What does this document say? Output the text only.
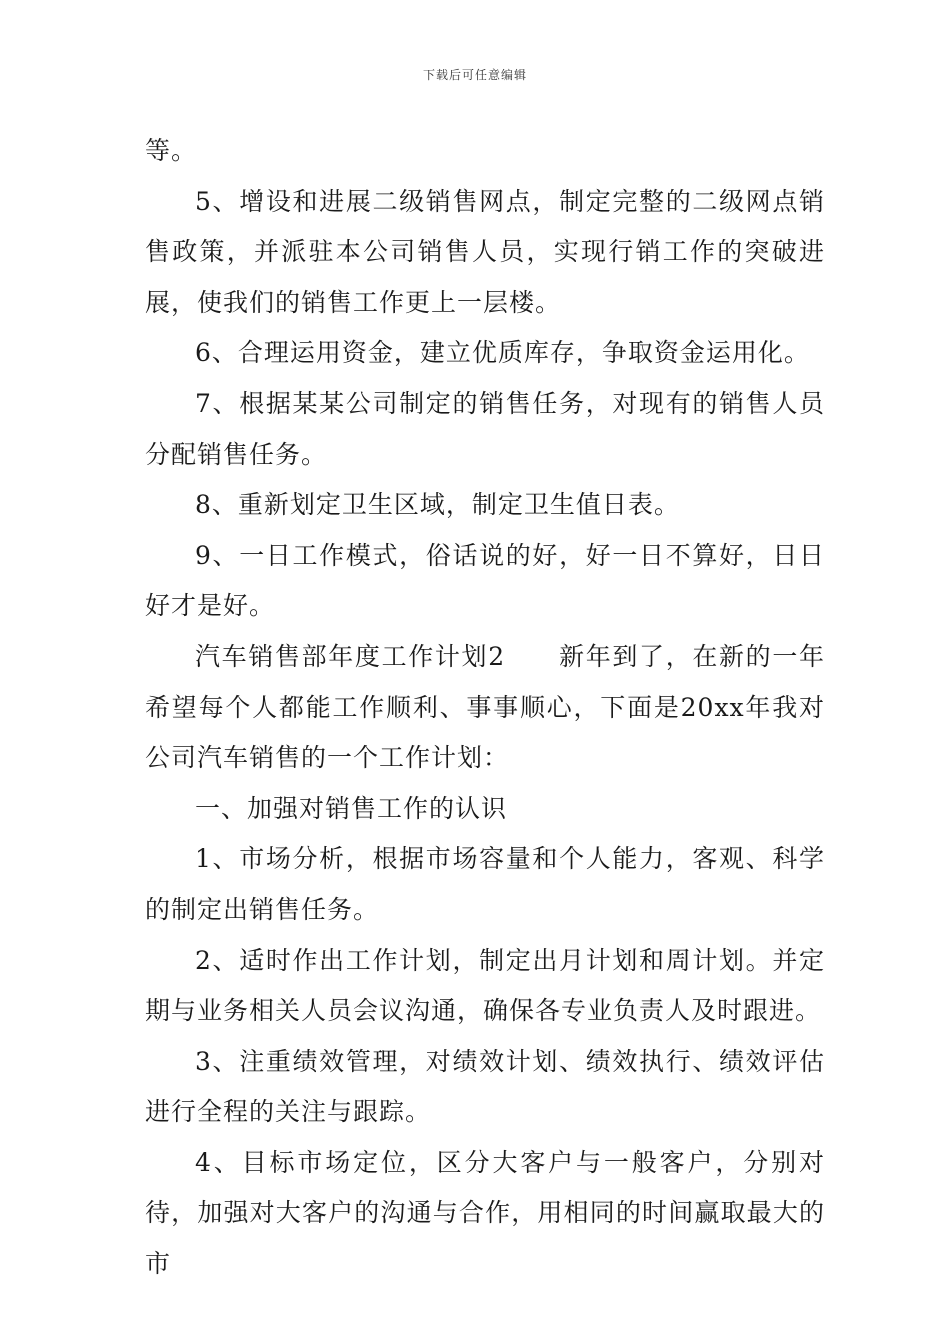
下载后可任意编辑

等。

5、增设和进展二级销售网点，制定完整的二级网点销售政策，并派驻本公司销售人员，实现行销工作的突破进展，使我们的销售工作更上一层楼。

6、合理运用资金，建立优质库存，争取资金运用化。

7、根据某某公司制定的销售任务，对现有的销售人员分配销售任务。

8、重新划定卫生区域，制定卫生值日表。

9、一日工作模式，俗话说的好，好一日不算好，日日好才是好。

汽车销售部年度工作计划2　　新年到了，在新的一年希望每个人都能工作顺利、事事顺心，下面是20xx年我对公司汽车销售的一个工作计划：

一、加强对销售工作的认识

1、市场分析，根据市场容量和个人能力，客观、科学的制定出销售任务。

2、适时作出工作计划，制定出月计划和周计划。并定期与业务相关人员会议沟通，确保各专业负责人及时跟进。

3、注重绩效管理，对绩效计划、绩效执行、绩效评估进行全程的关注与跟踪。

4、目标市场定位，区分大客户与一般客户，分别对待，加强对大客户的沟通与合作，用相同的时间赢取最大的市
